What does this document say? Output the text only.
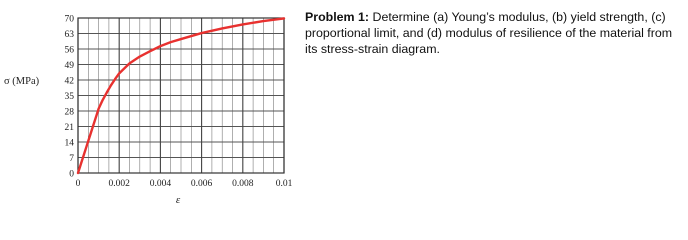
0
7
14
21
28
35
42
49
56
63
70
0	0.002 0.004 0.006 0.008 0.01
σ (MPa)
ε
Problem 1: Determine (a) Young’s modulus, (b) yield strength, (c) proportional limit, and (d) modulus of resilience of the material from its stress-strain diagram.
